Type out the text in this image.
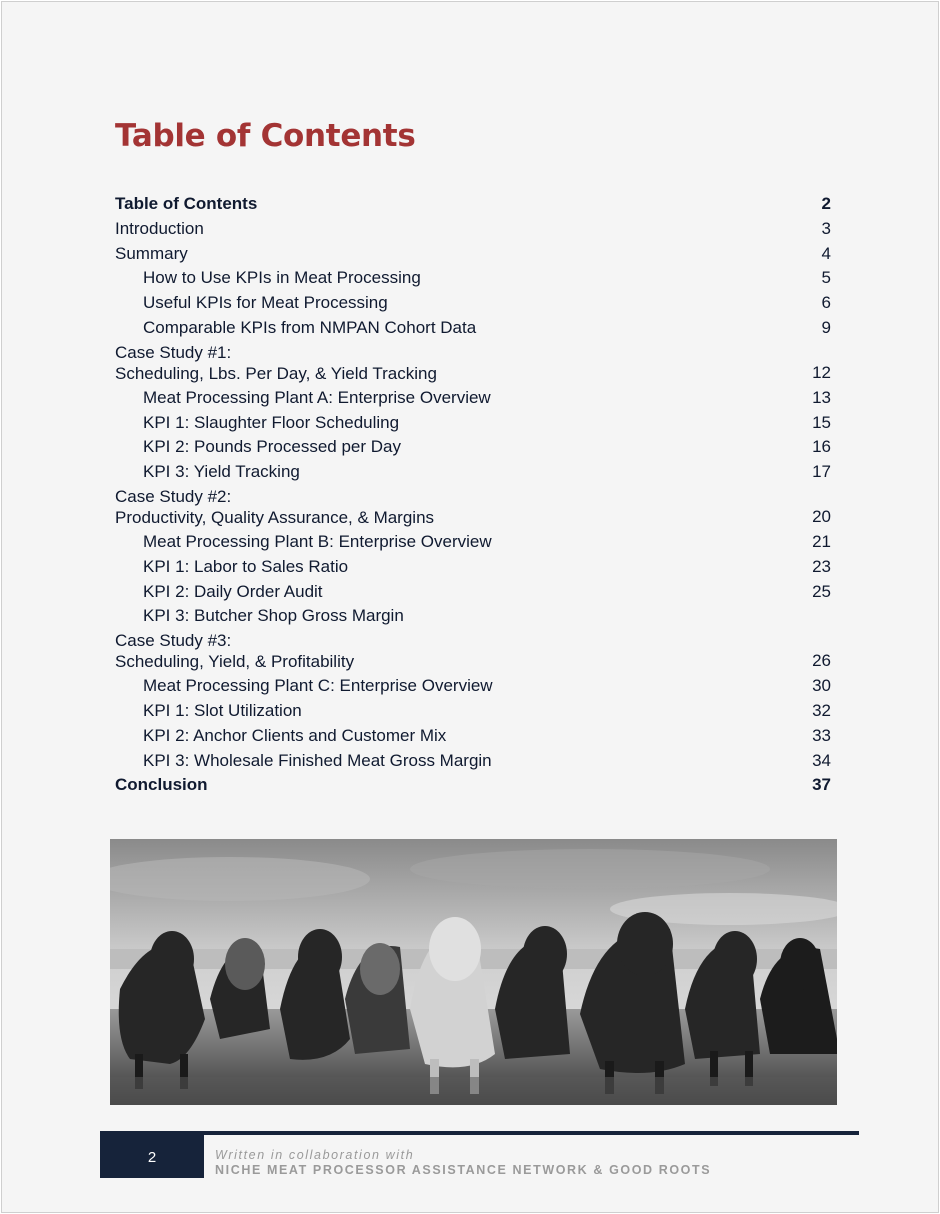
Table of Contents
Table of Contents	2
Introduction	3
Summary	4
How to Use KPIs in Meat Processing	5
Useful KPIs for Meat Processing	6
Comparable KPIs from NMPAN Cohort Data	9
Case Study #1:
Scheduling, Lbs. Per Day, & Yield Tracking	12
Meat Processing Plant A: Enterprise Overview	13
KPI 1: Slaughter Floor Scheduling	15
KPI 2: Pounds Processed per Day	16
KPI 3: Yield Tracking	17
Case Study #2:
Productivity, Quality Assurance, & Margins	20
Meat Processing Plant B: Enterprise Overview	21
KPI 1: Labor to Sales Ratio	23
KPI 2: Daily Order Audit	25
KPI 3: Butcher Shop Gross Margin
Case Study #3:
Scheduling, Yield, & Profitability	26
Meat Processing Plant C: Enterprise Overview	30
KPI 1: Slot Utilization	32
KPI 2: Anchor Clients and Customer Mix	33
KPI 3: Wholesale Finished Meat Gross Margin	34
Conclusion	37
2	Written in collaboration with
NICHE MEAT PROCESSOR ASSISTANCE NETWORK & GOOD ROOTS
